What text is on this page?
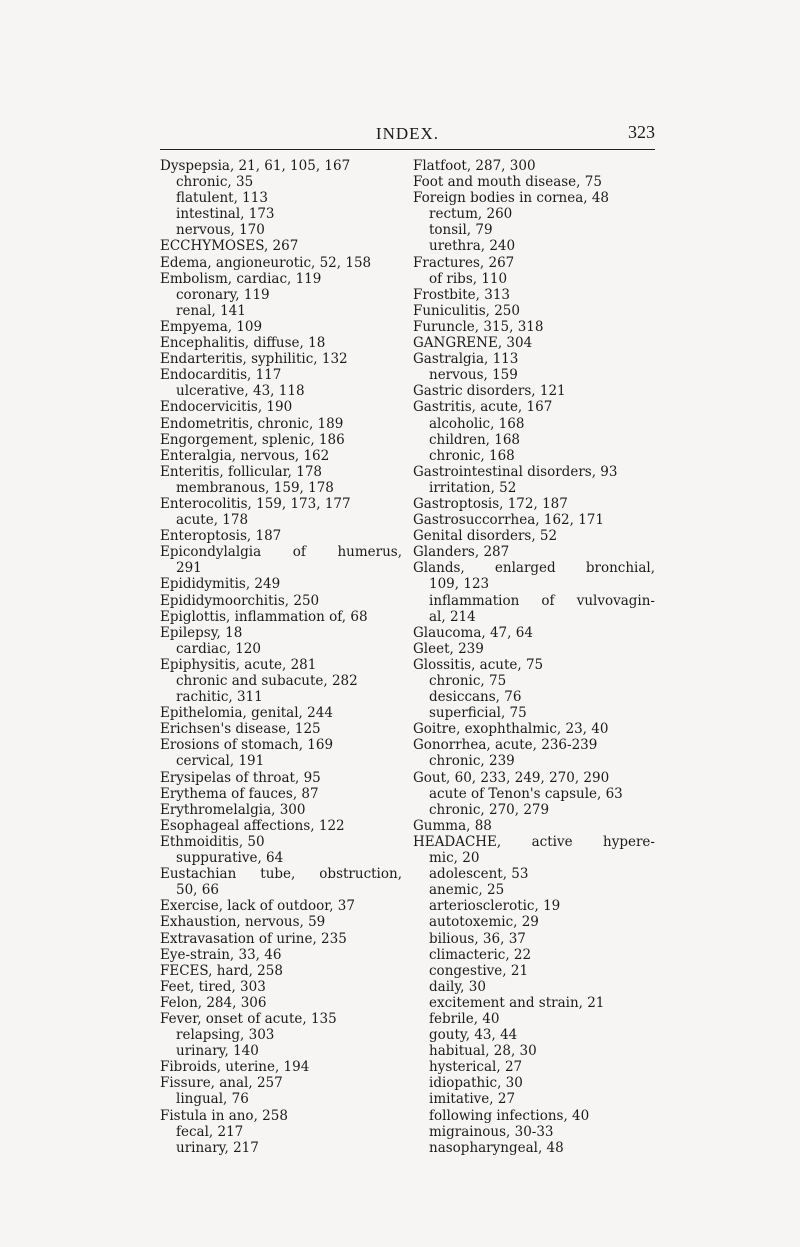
INDEX.	323
Dyspepsia, 21, 61, 105, 167
chronic, 35
flatulent, 113
intestinal, 173
nervous, 170
ECCHYMOSES, 267
Edema, angioneurotic, 52, 158
Embolism, cardiac, 119
coronary, 119
renal, 141
Empyema, 109
Encephalitis, diffuse, 18
Endarteritis, syphilitic, 132
Endocarditis, 117
ulcerative, 43, 118
Endocervicitis, 190
Endometritis, chronic, 189
Engorgement, splenic, 186
Enteralgia, nervous, 162
Enteritis, follicular, 178
membranous, 159, 178
Enterocolitis, 159, 173, 177
acute, 178
Enteroptosis, 187
Epicondylalgia of humerus,
291
Epididymitis, 249
Epididymoorchitis, 250
Epiglottis, inflammation of, 68
Epilepsy, 18
cardiac, 120
Epiphysitis, acute, 281
chronic and subacute, 282
rachitic, 311
Epithelomia, genital, 244
Erichsen's disease, 125
Erosions of stomach, 169
cervical, 191
Erysipelas of throat, 95
Erythema of fauces, 87
Erythromelalgia, 300
Esophageal affections, 122
Ethmoiditis, 50
suppurative, 64
Eustachian tube, obstruction,
50, 66
Exercise, lack of outdoor, 37
Exhaustion, nervous, 59
Extravasation of urine, 235
Eye-strain, 33, 46
FECES, hard, 258
Feet, tired, 303
Felon, 284, 306
Fever, onset of acute, 135
relapsing, 303
urinary, 140
Fibroids, uterine, 194
Fissure, anal, 257
lingual, 76
Fistula in ano, 258
fecal, 217
urinary, 217
Flatfoot, 287, 300
Foot and mouth disease, 75
Foreign bodies in cornea, 48
rectum, 260
tonsil, 79
urethra, 240
Fractures, 267
of ribs, 110
Frostbite, 313
Funiculitis, 250
Furuncle, 315, 318
GANGRENE, 304
Gastralgia, 113
nervous, 159
Gastric disorders, 121
Gastritis, acute, 167
alcoholic, 168
children, 168
chronic, 168
Gastrointestinal disorders, 93
irritation, 52
Gastroptosis, 172, 187
Gastrosuccorrhea, 162, 171
Genital disorders, 52
Glanders, 287
Glands, enlarged bronchial,
109, 123
inflammation of vulvovagin-
al, 214
Glaucoma, 47, 64
Gleet, 239
Glossitis, acute, 75
chronic, 75
desiccans, 76
superficial, 75
Goitre, exophthalmic, 23, 40
Gonorrhea, acute, 236-239
chronic, 239
Gout, 60, 233, 249, 270, 290
acute of Tenon's capsule, 63
chronic, 270, 279
Gumma, 88
HEADACHE, active hypere-
mic, 20
adolescent, 53
anemic, 25
arteriosclerotic, 19
autotoxemic, 29
bilious, 36, 37
climacteric, 22
congestive, 21
daily, 30
excitement and strain, 21
febrile, 40
gouty, 43, 44
habitual, 28, 30
hysterical, 27
idiopathic, 30
imitative, 27
following infections, 40
migrainous, 30-33
nasopharyngeal, 48
